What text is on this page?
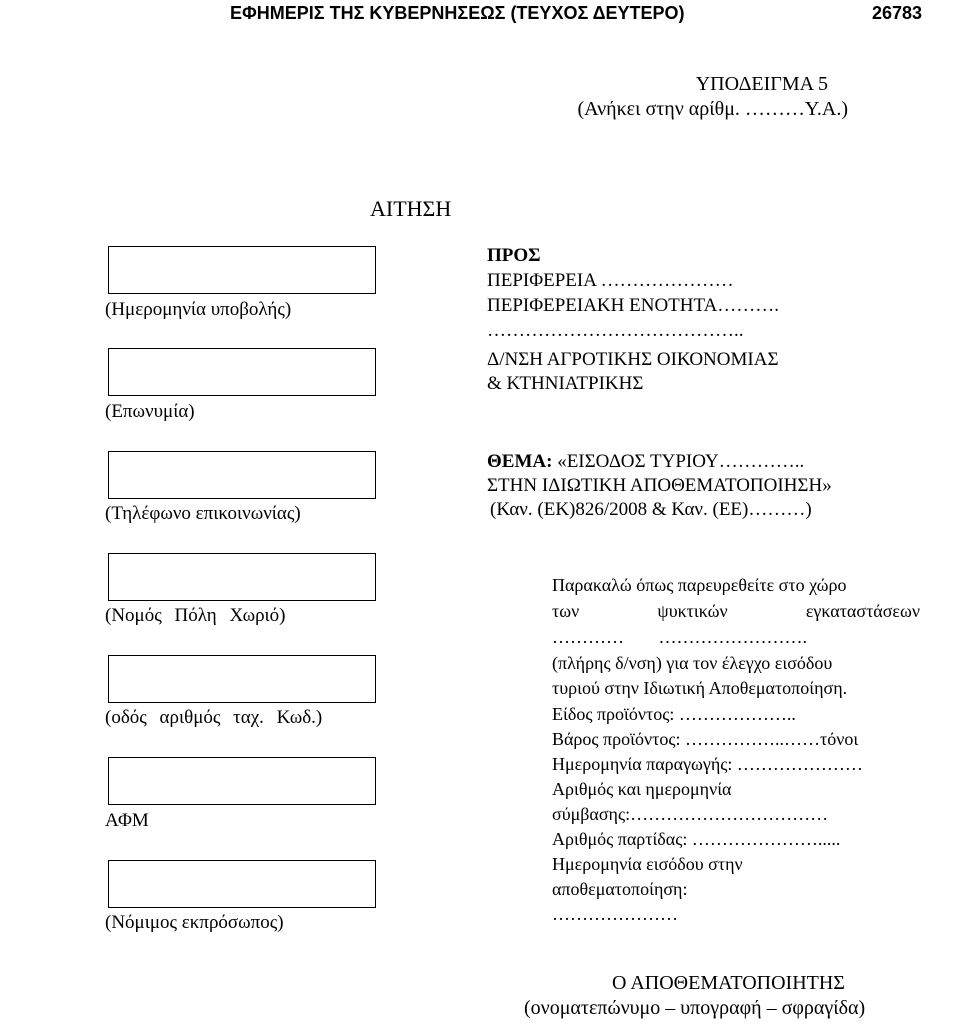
ΕΦΗΜΕΡΙΣ ΤΗΣ ΚΥΒΕΡΝΗΣΕΩΣ (ΤΕΥΧΟΣ ΔΕΥΤΕΡΟ)	26783
ΥΠΟΔΕΙΓΜΑ 5
(Ανήκει στην αρίθμ. ………Υ.Α.)
ΑΙΤΗΣΗ
(Ημερομηνία υποβολής)
(Επωνυμία)
(Τηλέφωνο επικοινωνίας)
(Νομός Πόλη Χωριό)
(οδός αριθμός ταχ. Κωδ.)
ΑΦΜ
(Νόμιμος εκπρόσωπος)
ΠΡΟΣ
ΠΕΡΙΦΕΡΕΙΑ …………………
ΠΕΡΙΦΕΡΕΙΑΚΗ ΕΝΟΤΗΤΑ……….
…………………………………..
Δ/ΝΣΗ ΑΓΡΟΤΙΚΗΣ ΟΙΚΟΝΟΜΙΑΣ
& ΚΤΗΝΙΑΤΡΙΚΗΣ
ΘΕΜΑ: «ΕΙΣΟΔΟΣ ΤΥΡΙΟΥ…………..
ΣΤΗΝ ΙΔΙΩΤΙΚΗ ΑΠΟΘΕΜΑΤΟΠΟΙΗΣΗ»
(Καν. (ΕΚ)826/2008 & Καν. (ΕΕ)………)
Παρακαλώ όπως παρευρεθείτε στο χώρο
των	ψυκτικών	εγκαταστάσεων
………… …………………….
(πλήρης δ/νση) για τον έλεγχο εισόδου
τυριού στην Ιδιωτική Αποθεματοποίηση.
Είδος προϊόντος: ………………..
Βάρος προϊόντος: ……………..……τόνοι
Ημερομηνία παραγωγής: …………………
Αριθμός και ημερομηνία
σύμβασης:……………………………
Αριθμός παρτίδας: ………………….....
Ημερομηνία εισόδου στην
αποθεματοποίηση:
…………………
Ο ΑΠΟΘΕΜΑΤΟΠΟΙΗΤΗΣ
(ονοματεπώνυμο – υπογραφή – σφραγίδα)
